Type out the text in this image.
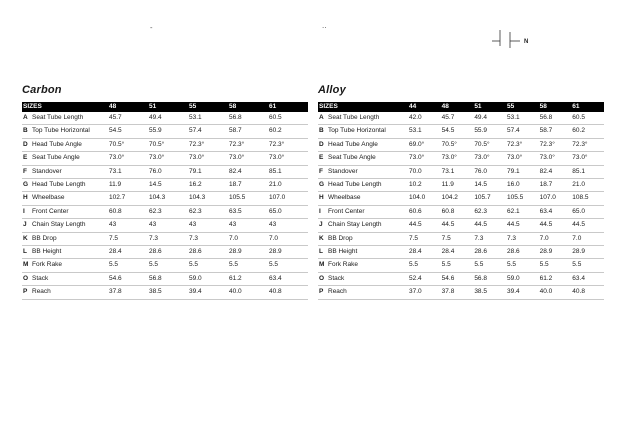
-	··
N
Carbon
SIZES	48	51	55	58	61
A Seat Tube Length	45.7	49.4	53.1	56.8	60.5
B Top Tube Horizontal	54.5	55.9	57.4	58.7	60.2
D Head Tube Angle	70.5°	70.5°	72.3°	72.3°	72.3°
E Seat Tube Angle	73.0°	73.0°	73.0°	73.0°	73.0°
F Standover	73.1	76.0	79.1	82.4	85.1
G Head Tube Length	11.9	14.5	16.2	18.7	21.0
H Wheelbase	102.7	104.3	104.3	105.5	107.0
I Front Center	60.8	62.3	62.3	63.5	65.0
J Chain Stay Length	43	43	43	43	43
K BB Drop	7.5	7.3	7.3	7.0	7.0
L BB Height	28.4	28.6	28.6	28.9	28.9
M Fork Rake	5.5	5.5	5.5	5.5	5.5
O Stack	54.6	56.8	59.0	61.2	63.4
P Reach	37.8	38.5	39.4	40.0	40.8
Alloy
SIZES	44	48	51	55	58	61
A Seat Tube Length	42.0	45.7	49.4	53.1	56.8	60.5
B Top Tube Horizontal	53.1	54.5	55.9	57.4	58.7	60.2
D Head Tube Angle	69.0°	70.5°	70.5°	72.3°	72.3°	72.3°
E Seat Tube Angle	73.0°	73.0°	73.0°	73.0°	73.0°	73.0°
F Standover	70.0	73.1	76.0	79.1	82.4	85.1
G Head Tube Length	10.2	11.9	14.5	16.0	18.7	21.0
H Wheelbase	104.0	104.2	105.7	105.5	107.0	108.5
I Front Center	60.6	60.8	62.3	62.1	63.4	65.0
J Chain Stay Length	44.5	44.5	44.5	44.5	44.5	44.5
K BB Drop	7.5	7.5	7.3	7.3	7.0	7.0
L BB Height	28.4	28.4	28.6	28.6	28.9	28.9
M Fork Rake	5.5	5.5	5.5	5.5	5.5	5.5
O Stack	52.4	54.6	56.8	59.0	61.2	63.4
P Reach	37.0	37.8	38.5	39.4	40.0	40.8
